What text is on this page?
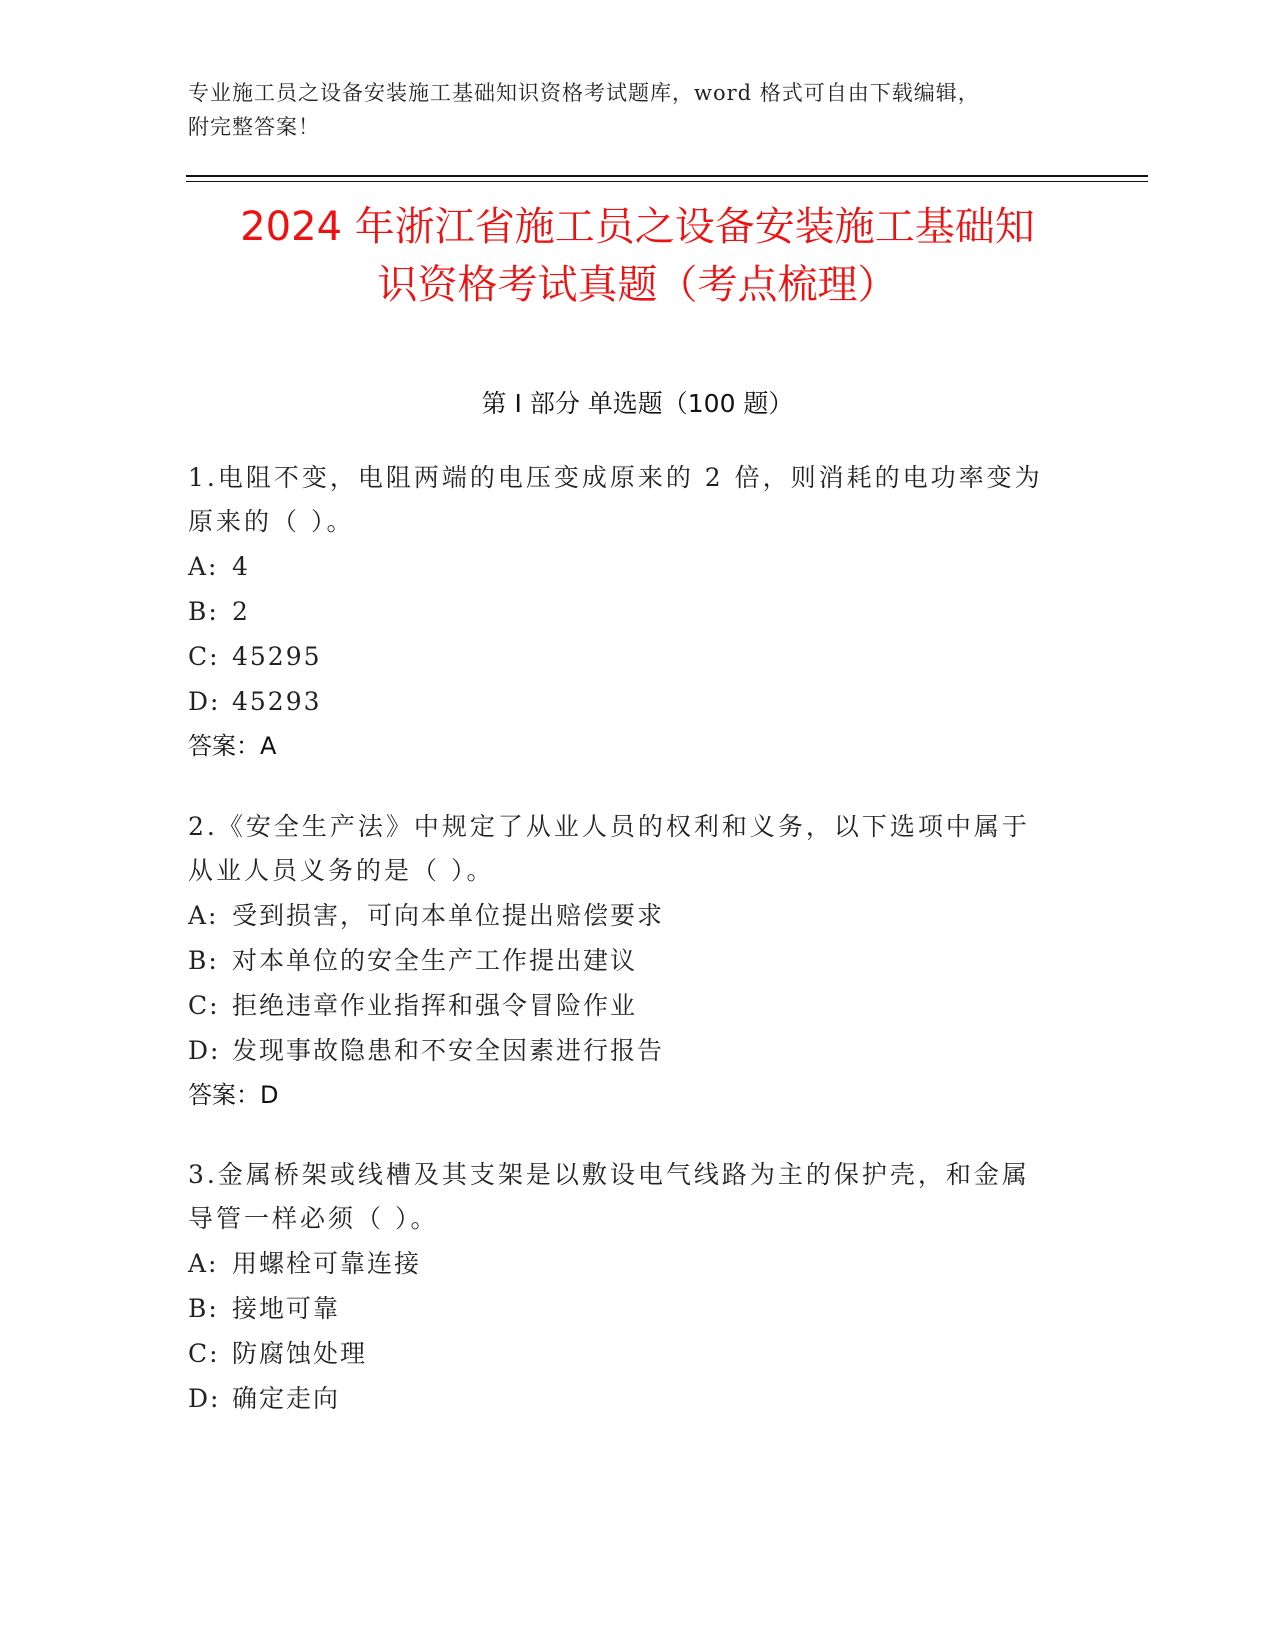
专业施工员之设备安装施工基础知识资格考试题库，word 格式可自由下载编辑，
附完整答案！
2024 年浙江省施工员之设备安装施工基础知
识资格考试真题（考点梳理）
第 I 部分 单选题（100 题）

1.电阻不变，电阻两端的电压变成原来的 2 倍，则消耗的电功率变为
原来的（ ）。

A: 4

B: 2

C: 45295

D: 45293

答案：A

2.《安全生产法》中规定了从业人员的权利和义务，以下选项中属于
从业人员义务的是（ ）。

A: 受到损害，可向本单位提出赔偿要求

B: 对本单位的安全生产工作提出建议

C: 拒绝违章作业指挥和强令冒险作业

D: 发现事故隐患和不安全因素进行报告

答案：D

3.金属桥架或线槽及其支架是以敷设电气线路为主的保护壳，和金属
导管一样必须（ ）。

A: 用螺栓可靠连接

B: 接地可靠

C: 防腐蚀处理

D: 确定走向
